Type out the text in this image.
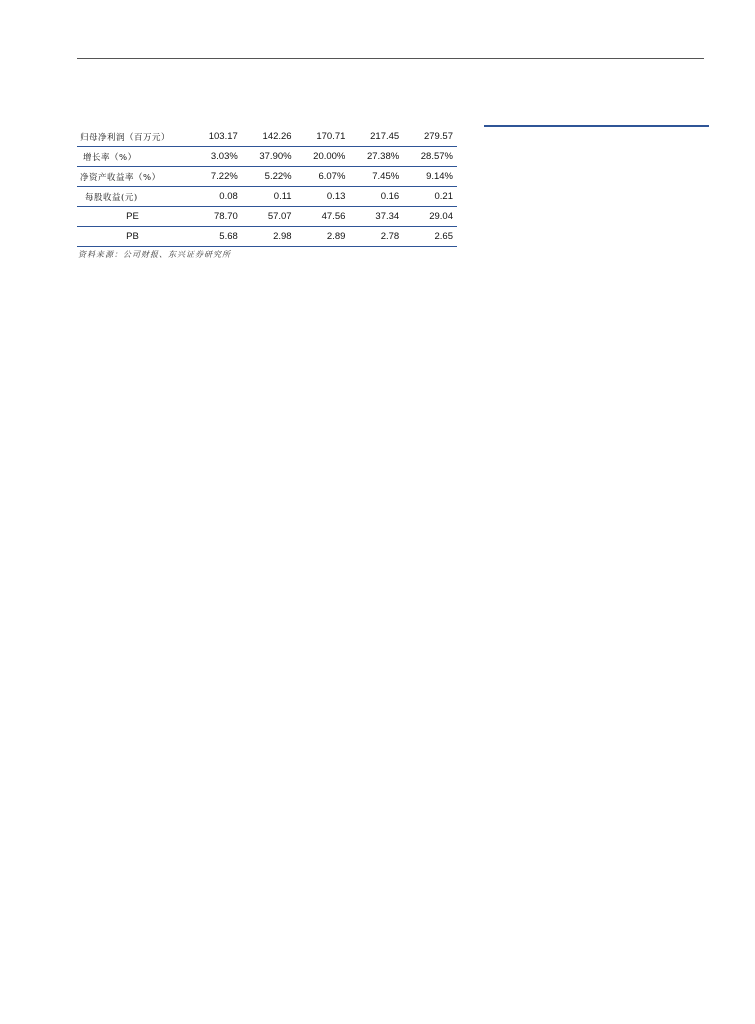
归母净利润（百万元）	103.17	142.26	170.71	217.45	279.57
增长率（%）	3.03%	37.90%	20.00%	27.38%	28.57%
净资产收益率（%）	7.22%	5.22%	6.07%	7.45%	9.14%
每股收益(元)	0.08	0.11	0.13	0.16	0.21
PE	78.70	57.07	47.56	37.34	29.04
PB	5.68	2.98	2.89	2.78	2.65
资料来源：公司财报、东兴证券研究所
